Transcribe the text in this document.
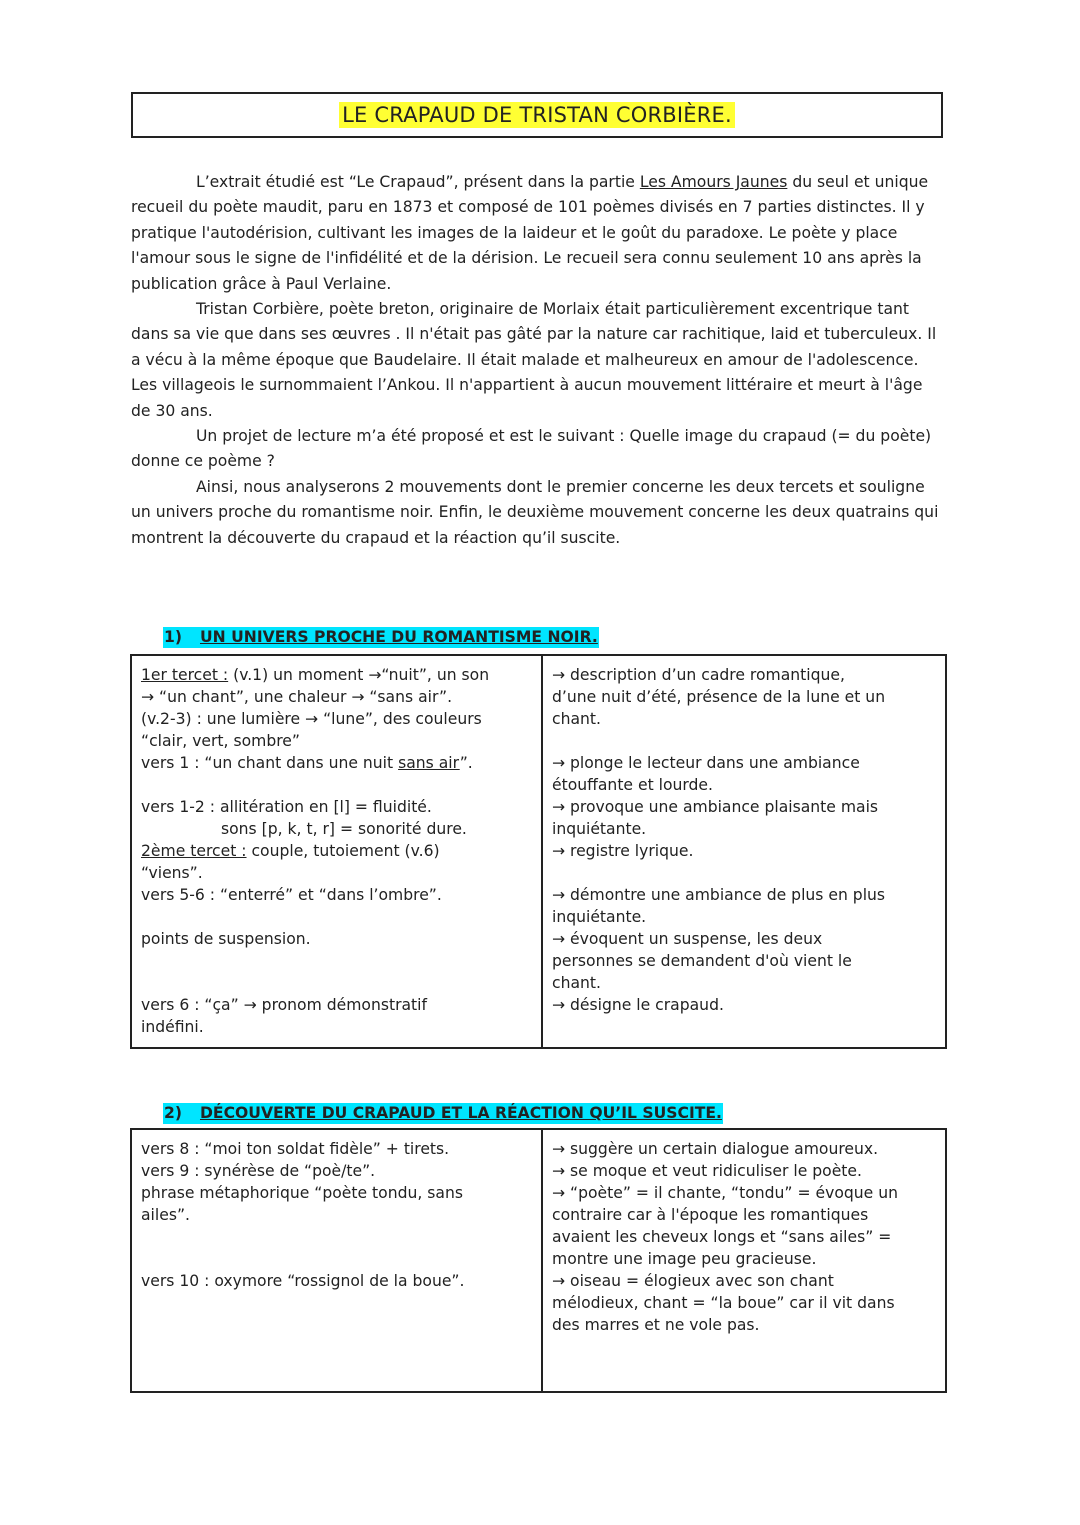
LE CRAPAUD DE TRISTAN CORBIÈRE.

L’extrait étudié est “Le Crapaud”, présent dans la partie Les Amours Jaunes du seul et unique recueil du poète maudit, paru en 1873 et composé de 101 poèmes divisés en 7 parties distinctes. Il y pratique l'autodérision, cultivant les images de la laideur et le goût du paradoxe. Le poète y place l'amour sous le signe de l'infidélité et de la dérision. Le recueil sera connu seulement 10 ans après la publication grâce à Paul Verlaine.

Tristan Corbière, poète breton, originaire de Morlaix était particulièrement excentrique tant dans sa vie que dans ses œuvres . Il n'était pas gâté par la nature car rachitique, laid et tuberculeux. Il a vécu à la même époque que Baudelaire. Il était malade et malheureux en amour de l'adolescence. Les villageois le surnommaient l’Ankou. Il n'appartient à aucun mouvement littéraire et meurt à l'âge de 30 ans.

Un projet de lecture m’a été proposé et est le suivant : Quelle image du crapaud (= du poète) donne ce poème ?

Ainsi, nous analyserons 2 mouvements dont le premier concerne les deux tercets et souligne un univers proche du romantisme noir. Enfin, le deuxième mouvement concerne les deux quatrains qui montrent la découverte du crapaud et la réaction qu’il suscite.

1) UN UNIVERS PROCHE DU ROMANTISME NOIR.
1er tercet : (v.1) un moment →“nuit”, un son
→ “un chant”, une chaleur → “sans air”.
(v.2-3) : une lumière → “lune”, des couleurs
“clair, vert, sombre”
vers 1 : “un chant dans une nuit sans air”.
vers 1-2 : allitération en [l] = fluidité.
sons [p, k, t, r] = sonorité dure.
2ème tercet : couple, tutoiement (v.6)
“viens”.
vers 5-6 : “enterré” et “dans l’ombre”.
points de suspension.
vers 6 : “ça” → pronom démonstratif
indéfini.

→ description d’un cadre romantique,
d’une nuit d’été, présence de la lune et un
chant.
→ plonge le lecteur dans une ambiance
étouffante et lourde.
→ provoque une ambiance plaisante mais
inquiétante.
→ registre lyrique.
→ démontre une ambiance de plus en plus
inquiétante.
→ évoquent un suspense, les deux
personnes se demandent d'où vient le
chant.
→ désigne le crapaud.
2) DÉCOUVERTE DU CRAPAUD ET LA RÉACTION QU’IL SUSCITE.
vers 8 : “moi ton soldat fidèle” + tirets.
vers 9 : synérèse de “poè/te”.
phrase métaphorique “poète tondu, sans
ailes”.
vers 10 : oxymore “rossignol de la boue”.

→ suggère un certain dialogue amoureux.
→ se moque et veut ridiculiser le poète.
→ “poète” = il chante, “tondu” = évoque un
contraire car à l'époque les romantiques
avaient les cheveux longs et “sans ailes” =
montre une image peu gracieuse.
→ oiseau = élogieux avec son chant
mélodieux, chant = “la boue” car il vit dans
des marres et ne vole pas.
